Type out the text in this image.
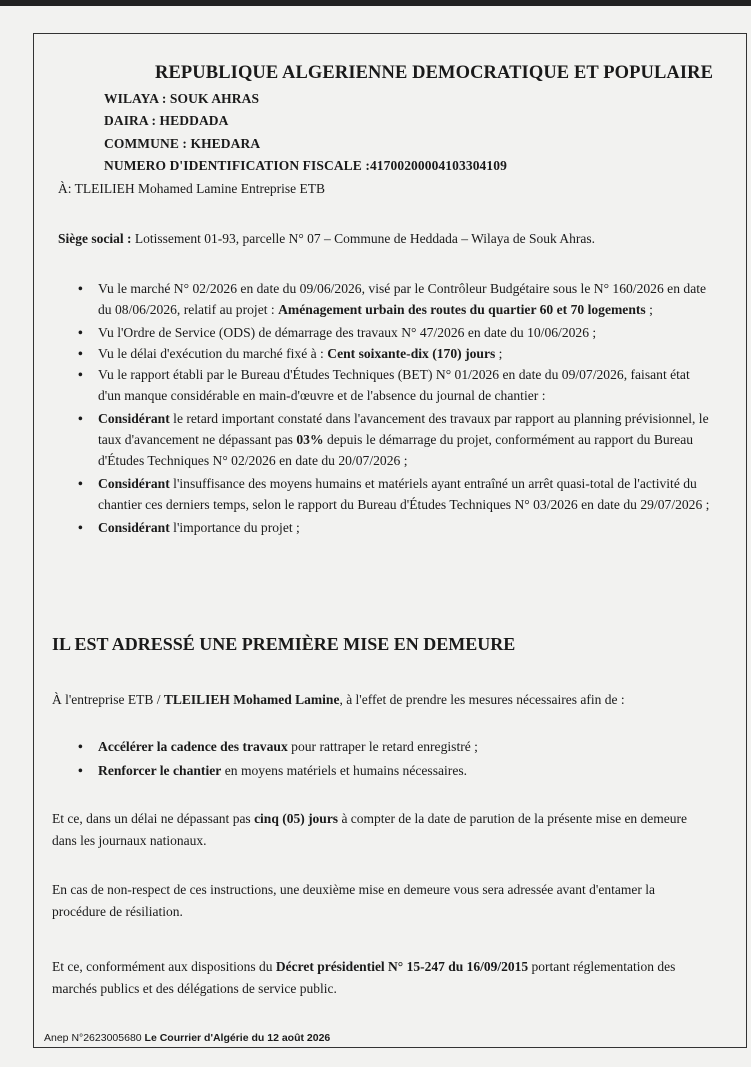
REPUBLIQUE ALGERIENNE DEMOCRATIQUE ET POPULAIRE
WILAYA : SOUK AHRAS
DAIRA : HEDDADA
COMMUNE : KHEDARA
NUMERO D'IDENTIFICATION FISCALE :41700200004103304109
À: TLEILIEH Mohamed Lamine Entreprise ETB
Siège social : Lotissement 01-93, parcelle N° 07 – Commune de Heddada – Wilaya de Souk Ahras.
• Vu le marché N° 02/2026 en date du 09/06/2026, visé par le Contrôleur Budgétaire sous le N° 160/2026 en date du 08/06/2026, relatif au projet : Aménagement urbain des routes du quartier 60 et 70 logements ;
• Vu l'Ordre de Service (ODS) de démarrage des travaux N° 47/2026 en date du 10/06/2026 ;
• Vu le délai d'exécution du marché fixé à : Cent soixante-dix (170) jours ;
• Vu le rapport établi par le Bureau d'Études Techniques (BET) N° 01/2026 en date du 09/07/2026, faisant état d'un manque considérable en main-d'œuvre et de l'absence du journal de chantier :
• Considérant le retard important constaté dans l'avancement des travaux par rapport au planning prévisionnel, le taux d'avancement ne dépassant pas 03% depuis le démarrage du projet, conformément au rapport du Bureau d'Études Techniques N° 02/2026 en date du 20/07/2026 ;
• Considérant l'insuffisance des moyens humains et matériels ayant entraîné un arrêt quasi-total de l'activité du chantier ces derniers temps, selon le rapport du Bureau d'Études Techniques N° 03/2026 en date du 29/07/2026 ;
• Considérant l'importance du projet ;
IL EST ADRESSÉ UNE PREMIÈRE MISE EN DEMEURE
À l'entreprise ETB / TLEILIEH Mohamed Lamine, à l'effet de prendre les mesures nécessaires afin de :
• Accélérer la cadence des travaux pour rattraper le retard enregistré ;
• Renforcer le chantier en moyens matériels et humains nécessaires.
Et ce, dans un délai ne dépassant pas cinq (05) jours à compter de la date de parution de la présente mise en demeure dans les journaux nationaux.
En cas de non-respect de ces instructions, une deuxième mise en demeure vous sera adressée avant d'entamer la procédure de résiliation.
Et ce, conformément aux dispositions du Décret présidentiel N° 15-247 du 16/09/2015 portant réglementation des marchés publics et des délégations de service public.
Anep N°2623005680 Le Courrier d'Algérie du 12 août 2026
